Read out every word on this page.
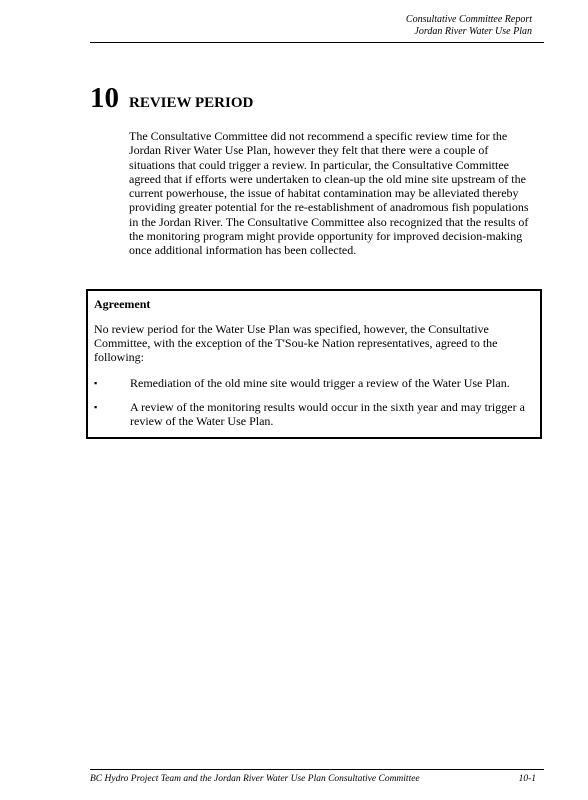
Consultative Committee Report
Jordan River Water Use Plan
10 REVIEW PERIOD

The Consultative Committee did not recommend a specific review time for the Jordan River Water Use Plan, however they felt that there were a couple of situations that could trigger a review. In particular, the Consultative Committee agreed that if efforts were undertaken to clean-up the old mine site upstream of the current powerhouse, the issue of habitat contamination may be alleviated thereby providing greater potential for the re-establishment of anadromous fish populations in the Jordan River. The Consultative Committee also recognized that the results of the monitoring program might provide opportunity for improved decision-making once additional information has been collected.

Agreement

No review period for the Water Use Plan was specified, however, the Consultative Committee, with the exception of the T'Sou-ke Nation representatives, agreed to the following:

▪	Remediation of the old mine site would trigger a review of the Water Use Plan.
▪	A review of the monitoring results would occur in the sixth year and may trigger a review of the Water Use Plan.
BC Hydro Project Team and the Jordan River Water Use Plan Consultative Committee	10-1
